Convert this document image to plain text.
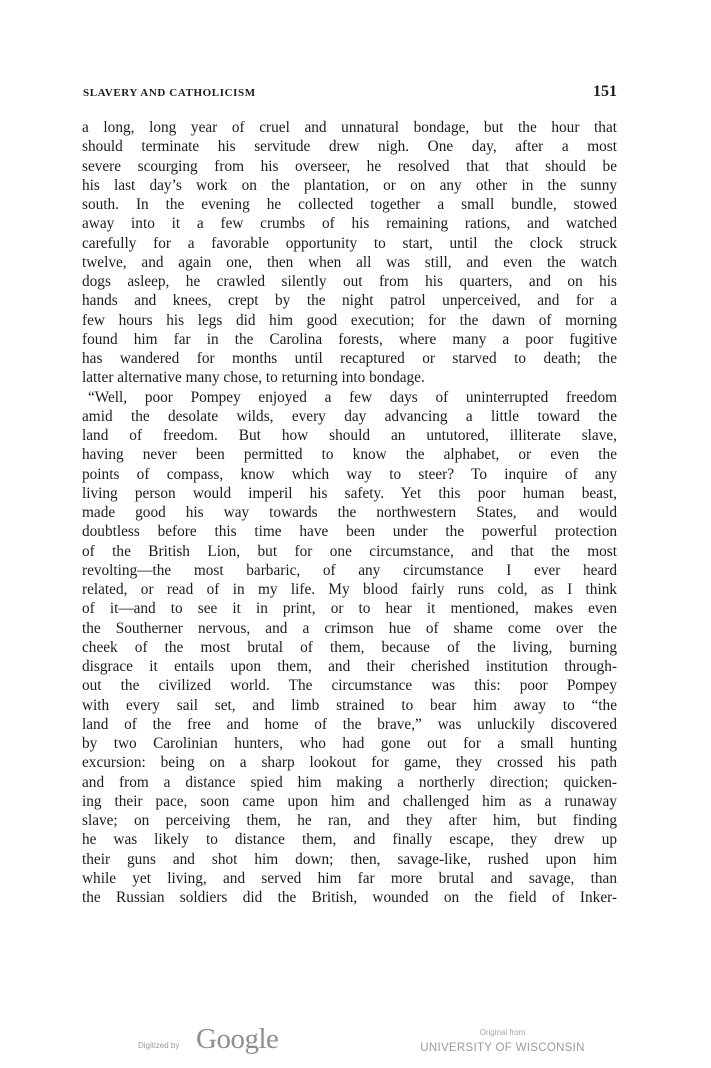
SLAVERY AND CATHOLICISM	151
a long, long year of cruel and unnatural bondage, but the hour that
should terminate his servitude drew nigh. One day, after a most
severe scourging from his overseer, he resolved that that should be
his last day’s work on the plantation, or on any other in the sunny
south. In the evening he collected together a small bundle, stowed
away into it a few crumbs of his remaining rations, and watched
carefully for a favorable opportunity to start, until the clock struck
twelve, and again one, then when all was still, and even the watch
dogs asleep, he crawled silently out from his quarters, and on his
hands and knees, crept by the night patrol unperceived, and for a
few hours his legs did him good execution; for the dawn of morning
found him far in the Carolina forests, where many a poor fugitive
has wandered for months until recaptured or starved to death; the
latter alternative many chose, to returning into bondage.
“Well, poor Pompey enjoyed a few days of uninterrupted freedom
amid the desolate wilds, every day advancing a little toward the
land of freedom. But how should an untutored, illiterate slave,
having never been permitted to know the alphabet, or even the
points of compass, know which way to steer? To inquire of any
living person would imperil his safety. Yet this poor human beast,
made good his way towards the northwestern States, and would
doubtless before this time have been under the powerful protection
of the British Lion, but for one circumstance, and that the most
revolting—the most barbaric, of any circumstance I ever heard
related, or read of in my life. My blood fairly runs cold, as I think
of it—and to see it in print, or to hear it mentioned, makes even
the Southerner nervous, and a crimson hue of shame come over the
cheek of the most brutal of them, because of the living, burning
disgrace it entails upon them, and their cherished institution through-
out the civilized world. The circumstance was this: poor Pompey
with every sail set, and limb strained to bear him away to “the
land of the free and home of the brave,” was unluckily discovered
by two Carolinian hunters, who had gone out for a small hunting
excursion: being on a sharp lookout for game, they crossed his path
and from a distance spied him making a northerly direction; quicken-
ing their pace, soon came upon him and challenged him as a runaway
slave; on perceiving them, he ran, and they after him, but finding
he was likely to distance them, and finally escape, they drew up
their guns and shot him down; then, savage-like, rushed upon him
while yet living, and served him far more brutal and savage, than
the Russian soldiers did the British, wounded on the field of Inker-
Digitized by Google	Original from
UNIVERSITY OF WISCONSIN
